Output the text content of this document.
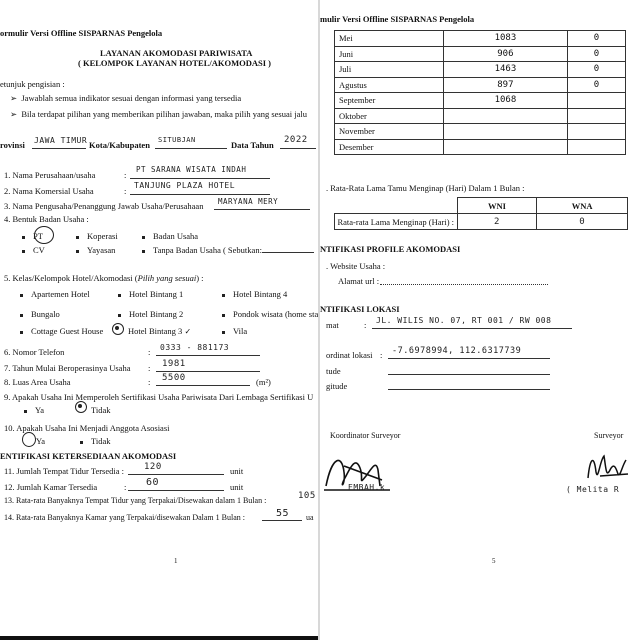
ormulir Versi Offline SISPARNAS Pengelola
LAYANAN AKOMODASI PARIWISATA
( KELOMPOK LAYANAN HOTEL/AKOMODASI )
etunjuk pengisian :
➢  Jawablah semua indikator sesuai dengan informasi yang tersedia
➢  Bila terdapat pilihan yang memberikan pilihan jawaban, maka pilih yang sesuai jalu
rovinsi JAWA TIMUR Kota/Kabupaten SITUBJAN	Data Tahun 2022
1. Nama Perusahaan/usaha	:
PT SARANA WISATA INDAH
2. Nama Komersial Usaha	:
TANJUNG PLAZA HOTEL
3. Nama Pengusaha/Penanggung Jawab Usaha/Perusahaan MARYANA MERY
4. Bentuk Badan Usaha :
PT	Koperasi	Badan Usaha
CV	Yayasan	Tanpa Badan Usaha ( Sebutkan:
5. Kelas/Kelompok Hotel/Akomodasi (Pilih yang sesuai) :
Apartemen Hotel	Hotel Bintang 1	Hotel Bintang 4
Bungalo	Hotel Bintang 2	Pondok wisata (home sta
Cottage Guest House	Hotel Bintang 3 ✓	Vila
6. Nomor Telefon	: 0333 - 881173
7. Tahun Mulai Beroperasinya Usaha : 1981
8. Luas Area Usaha	: 5500	(m²)
9. Apakah Usaha Ini Memperoleh Sertifikasi Usaha Pariwisata Dari Lembaga Sertifikasi U
Ya	Tidak
10. Apakah Usaha Ini Menjadi Anggota Asosiasi
Ya	Tidak
ENTIFIKASI KETERSEDIAAN AKOMODASI
11. Jumlah Tempat Tidur Tersedia : 120	unit
12. Jumlah Kamar Tersedia	: 60	unit
13. Rata-rata Banyaknya Tempat Tidur yang Terpakai/Disewakan dalam 1 Bulan :	105
14. Rata-rata Banyaknya Kamar yang Terpakai/disewakan Dalam 1 Bulan :	55 ua
1
mulir Versi Offline SISPARNAS Pengelola
Mei	1083	0
Juni	906	0
Juli	1463	0
Agustus	897	0
September	1068	
Oktober		
November		
Desember		
. Rata-Rata Lama Tamu Menginap (Hari) Dalam 1 Bulan :
	WNI	WNA
Rata-rata Lama Menginap (Hari) :	2	0
NTIFIKASI PROFILE AKOMODASI
. Website Usaha :
Alamat url :
NTIFIKASI LOKASI
mat	: JL. WILIS NO. 07, RT 001 / RW 008
ordinat lokasi : -7.6978994, 112.6317739
tude
gitude
Koordinator Surveyor	Surveyor
EMBAH.k	( Melita R
5
